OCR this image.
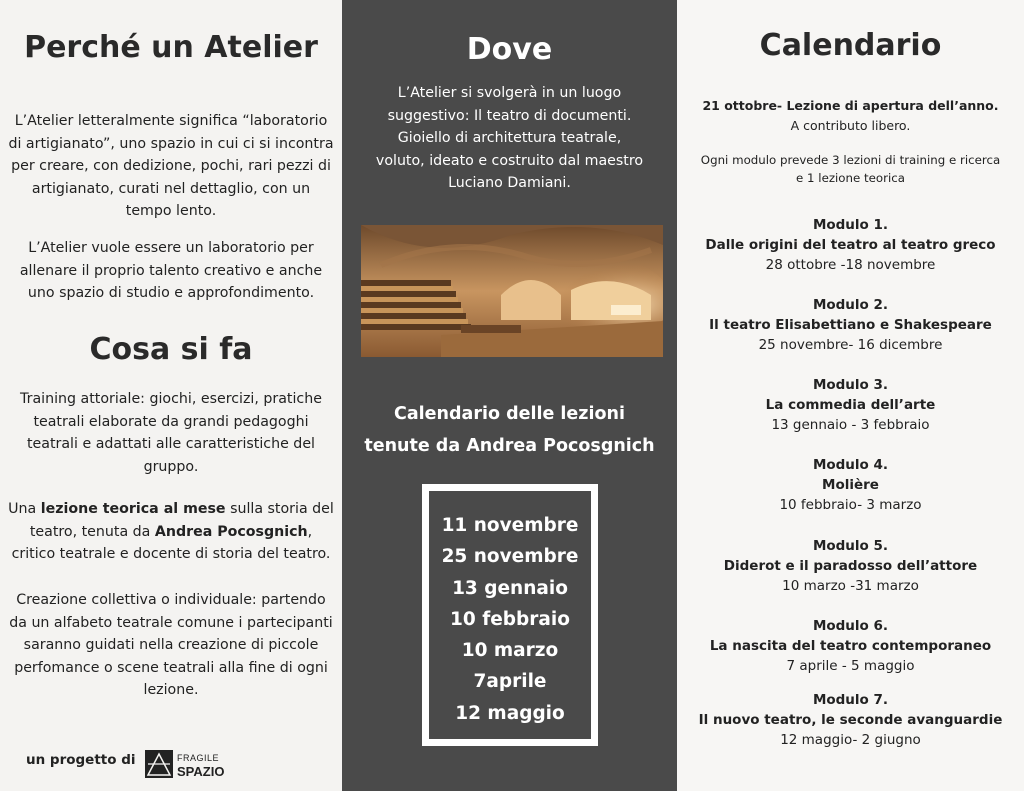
Perché un Atelier
L’Atelier letteralmente significa “laboratorio di artigianato”, uno spazio in cui ci si incontra per creare, con dedizione, pochi, rari pezzi di artigianato, curati nel dettaglio, con un tempo lento.
L’Atelier vuole essere un laboratorio per allenare il proprio talento creativo e anche uno spazio di studio e approfondimento.
Cosa si fa
Training attoriale: giochi, esercizi, pratiche teatrali elaborate da grandi pedagoghi teatrali e adattati alle caratteristiche del gruppo.
Una lezione teorica al mese sulla storia del teatro, tenuta da Andrea Pocosgnich, critico teatrale e docente di storia del teatro.
Creazione collettiva o individuale: partendo da un alfabeto teatrale comune i partecipanti saranno guidati nella creazione di piccole perfomance o scene teatrali alla fine di ogni lezione.
un progetto di	FRAGILE
SPAZIO
Dove
L’Atelier si svolgerà in un luogo suggestivo: Il teatro di documenti. Gioiello di architettura teatrale, voluto, ideato e costruito dal maestro Luciano Damiani.
Calendario delle lezioni
tenute da Andrea Pocosgnich
11 novembre
25 novembre
13 gennaio
10 febbraio
10 marzo
7aprile
12 maggio
Calendario
21 ottobre- Lezione di apertura dell’anno.
A contributo libero.
Ogni modulo prevede 3 lezioni di training e ricerca
e 1 lezione teorica
Modulo 1.
Dalle origini del teatro al teatro greco
28 ottobre -18 novembre
Modulo 2.
Il teatro Elisabettiano e Shakespeare
25 novembre- 16 dicembre
Modulo 3.
La commedia dell’arte
13 gennaio - 3 febbraio
Modulo 4.
Molière
10 febbraio- 3 marzo
Modulo 5.
Diderot e il paradosso dell’attore
10 marzo -31 marzo
Modulo 6.
La nascita del teatro contemporaneo
7 aprile - 5 maggio
Modulo 7.
Il nuovo teatro, le seconde avanguardie
12 maggio- 2 giugno
